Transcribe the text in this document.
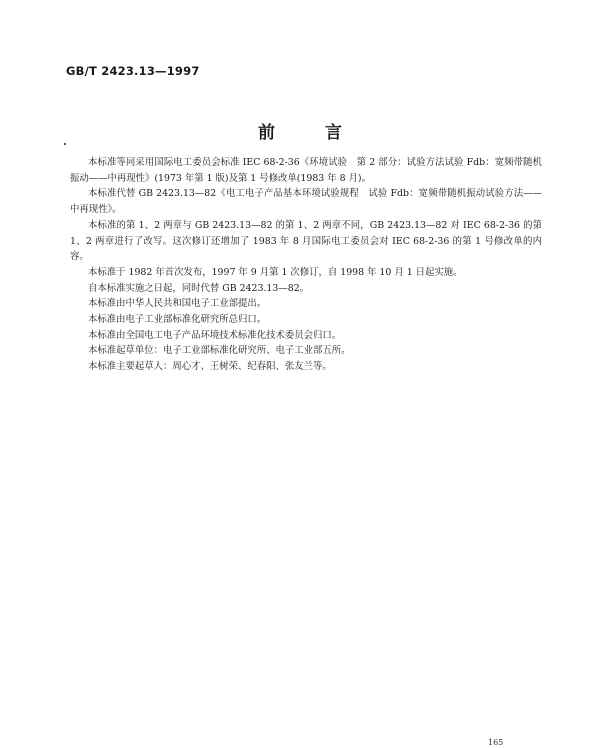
GB/T 2423.13—1997
前 言

本标准等同采用国际电工委员会标准 IEC 68-2-36《环境试验　第 2 部分：试验方法试验 Fdb：宽频带随机振动——中再现性》(1973 年第 1 版)及第 1 号修改单(1983 年 8 月)。

本标准代替 GB 2423.13—82《电工电子产品基本环境试验规程　试验 Fdb：宽频带随机振动试验方法——中再现性》。

本标准的第 1、2 两章与 GB 2423.13—82 的第 1、2 两章不同，GB 2423.13—82 对 IEC 68-2-36 的第 1、2 两章进行了改写。这次修订还增加了 1983 年 8 月国际电工委员会对 IEC 68-2-36 的第 1 号修改单的内容。

本标准于 1982 年首次发布，1997 年 9 月第 1 次修订，自 1998 年 10 月 1 日起实施。

自本标准实施之日起，同时代替 GB 2423.13—82。

本标准由中华人民共和国电子工业部提出。

本标准由电子工业部标准化研究所总归口。

本标准由全国电工电子产品环境技术标准化技术委员会归口。

本标准起草单位：电子工业部标准化研究所、电子工业部五所。

本标准主要起草人：周心才、王树荣、纪春阳、张友兰等。

165
